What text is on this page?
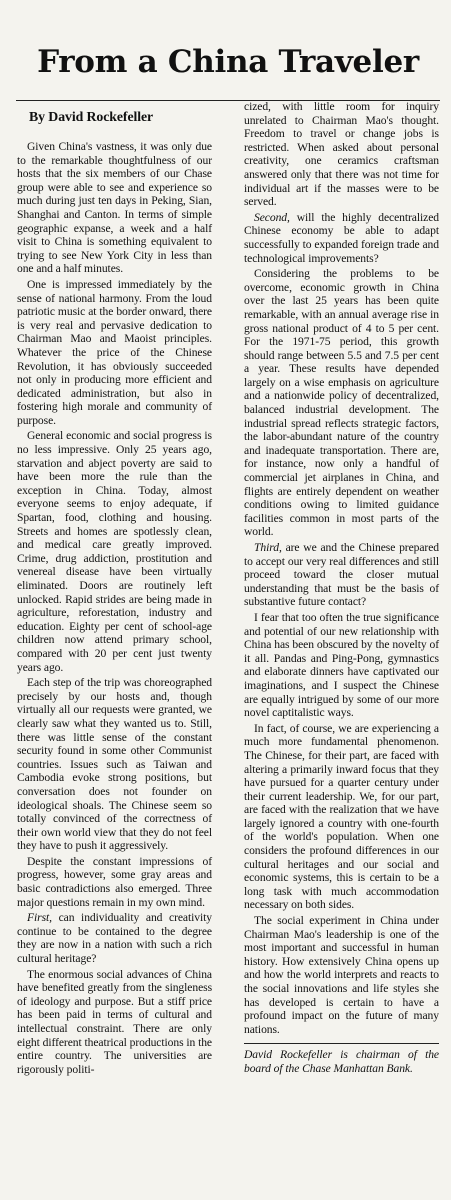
From a China Traveler
By David Rockefeller

Given China's vastness, it was only due to the remarkable thoughtfulness of our hosts that the six members of our Chase group were able to see and experience so much during just ten days in Peking, Sian, Shanghai and Canton. In terms of simple geographic expanse, a week and a half visit to China is something equivalent to trying to see New York City in less than one and a half minutes.

One is impressed immediately by the sense of national harmony. From the loud patriotic music at the border onward, there is very real and pervasive dedication to Chairman Mao and Maoist principles. Whatever the price of the Chinese Revolution, it has obviously succeeded not only in producing more efficient and dedicated administration, but also in fostering high morale and community of purpose.

General economic and social progress is no less impressive. Only 25 years ago, starvation and abject poverty are said to have been more the rule than the exception in China. Today, almost everyone seems to enjoy adequate, if Spartan, food, clothing and housing. Streets and homes are spotlessly clean, and medical care greatly improved. Crime, drug addiction, prostitution and venereal disease have been virtually eliminated. Doors are routinely left unlocked. Rapid strides are being made in agriculture, reforestation, industry and education. Eighty per cent of school-age children now attend primary school, compared with 20 per cent just twenty years ago.

Each step of the trip was choreographed precisely by our hosts and, though virtually all our requests were granted, we clearly saw what they wanted us to. Still, there was little sense of the constant security found in some other Communist countries. Issues such as Taiwan and Cambodia evoke strong positions, but conversation does not founder on ideological shoals. The Chinese seem so totally convinced of the correctness of their own world view that they do not feel they have to push it aggressively.

Despite the constant impressions of progress, however, some gray areas and basic contradictions also emerged. Three major questions remain in my own mind.

First, can individuality and creativity continue to be contained to the degree they are now in a nation with such a rich cultural heritage?

The enormous social advances of China have benefited greatly from the singleness of ideology and purpose. But a stiff price has been paid in terms of cultural and intellectual constraint. There are only eight different theatrical productions in the entire country. The universities are rigorously politi-

cized, with little room for inquiry unrelated to Chairman Mao's thought. Freedom to travel or change jobs is restricted. When asked about personal creativity, one ceramics craftsman answered only that there was not time for individual art if the masses were to be served.

Second, will the highly decentralized Chinese economy be able to adapt successfully to expanded foreign trade and technological improvements?

Considering the problems to be overcome, economic growth in China over the last 25 years has been quite remarkable, with an annual average rise in gross national product of 4 to 5 per cent. For the 1971-75 period, this growth should range between 5.5 and 7.5 per cent a year. These results have depended largely on a wise emphasis on agriculture and a nationwide policy of decentralized, balanced industrial development. The industrial spread reflects strategic factors, the labor-abundant nature of the country and inadequate transportation. There are, for instance, now only a handful of commercial jet airplanes in China, and flights are entirely dependent on weather conditions owing to limited guidance facilities common in most parts of the world.

Third, are we and the Chinese prepared to accept our very real differences and still proceed toward the closer mutual understanding that must be the basis of substantive future contact?

I fear that too often the true significance and potential of our new relationship with China has been obscured by the novelty of it all. Pandas and Ping-Pong, gymnastics and elaborate dinners have captivated our imaginations, and I suspect the Chinese are equally intrigued by some of our more novel captitalistic ways.

In fact, of course, we are experiencing a much more fundamental phenomenon. The Chinese, for their part, are faced with altering a primarily inward focus that they have pursued for a quarter century under their current leadership. We, for our part, are faced with the realization that we have largely ignored a country with one-fourth of the world's population. When one considers the profound differences in our cultural heritages and our social and economic systems, this is certain to be a long task with much accommodation necessary on both sides.

The social experiment in China under Chairman Mao's leadership is one of the most important and successful in human history. How extensively China opens up and how the world interprets and reacts to the social innovations and life styles she has developed is certain to have a profound impact on the future of many nations.

David Rockefeller is chairman of the board of the Chase Manhattan Bank.
